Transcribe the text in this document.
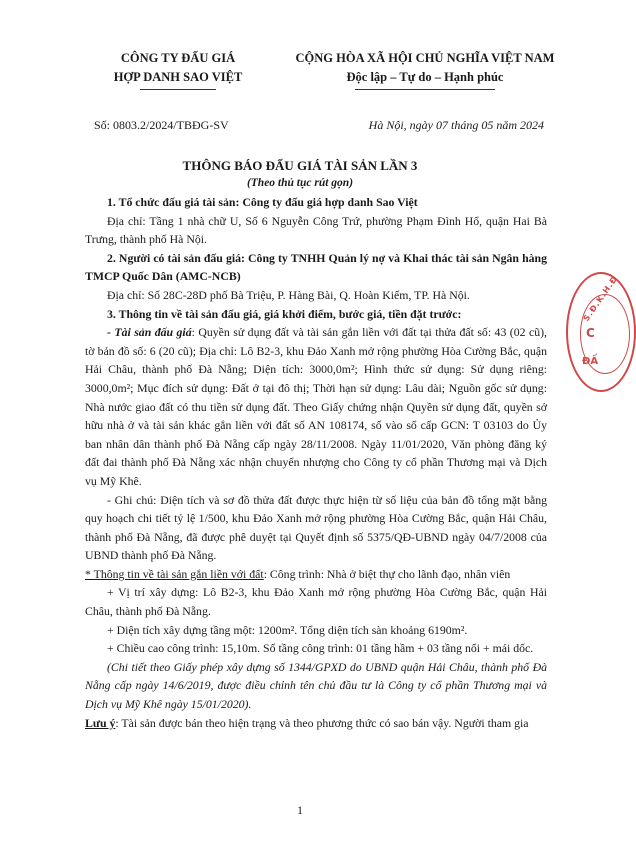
CÔNG TY ĐẤU GIÁ
HỢP DANH SAO VIỆT
CỘNG HÒA XÃ HỘI CHỦ NGHĨA VIỆT NAM
Độc lập – Tự do – Hạnh phúc
Số: 0803.2/2024/TBĐG-SV	Hà Nội, ngày 07 tháng 05 năm 2024
THÔNG BÁO ĐẤU GIÁ TÀI SẢN LẦN 3
(Theo thủ tục rút gọn)

1. Tổ chức đấu giá tài sản: Công ty đấu giá hợp danh Sao Việt

Địa chỉ: Tầng 1 nhà chữ U, Số 6 Nguyễn Công Trứ, phường Phạm Đình Hổ, quận Hai Bà Trưng, thành phố Hà Nội.

2. Người có tài sản đấu giá: Công ty TNHH Quản lý nợ và Khai thác tài sản Ngân hàng TMCP Quốc Dân (AMC-NCB)

Địa chỉ: Số 28C-28D phố Bà Triệu, P. Hàng Bài, Q. Hoàn Kiếm, TP. Hà Nội.

3. Thông tin về tài sản đấu giá, giá khởi điểm, bước giá, tiền đặt trước:

- Tài sản đấu giá: Quyền sử dụng đất và tài sản gắn liền với đất tại thửa đất số: 43 (02 cũ), tờ bản đồ số: 6 (20 cũ); Địa chỉ: Lô B2-3, khu Đảo Xanh mở rộng phường Hòa Cường Bắc, quận Hải Châu, thành phố Đà Nẵng; Diện tích: 3000,0m²; Hình thức sử dụng: Sử dụng riêng: 3000,0m²; Mục đích sử dụng: Đất ở tại đô thị; Thời hạn sử dụng: Lâu dài; Nguồn gốc sử dụng: Nhà nước giao đất có thu tiền sử dụng đất. Theo Giấy chứng nhận Quyền sử dụng đất, quyền sở hữu nhà ở và tài sản khác gắn liền với đất số AN 108174, số vào sổ cấp GCN: T 03103 do Ủy ban nhân dân thành phố Đà Nẵng cấp ngày 28/11/2008. Ngày 11/01/2020, Văn phòng đăng ký đất đai thành phố Đà Nẵng xác nhận chuyển nhượng cho Công ty cổ phần Thương mại và Dịch vụ Mỹ Khê.

- Ghi chú: Diện tích và sơ đồ thửa đất được thực hiện từ số liệu của bản đồ tổng mặt bằng quy hoạch chi tiết tỷ lệ 1/500, khu Đảo Xanh mở rộng phường Hòa Cường Bắc, quận Hải Châu, thành phố Đà Nẵng, đã được phê duyệt tại Quyết định số 5375/QĐ-UBND ngày 04/7/2008 của UBND thành phố Đà Nẵng.

* Thông tin về tài sản gắn liền với đất: Công trình: Nhà ở biệt thự cho lãnh đạo, nhân viên

+ Vị trí xây dựng: Lô B2-3, khu Đảo Xanh mở rộng phường Hòa Cường Bắc, quận Hải Châu, thành phố Đà Nẵng.

+ Diện tích xây dựng tầng một: 1200m². Tổng diện tích sàn khoảng 6190m².

+ Chiều cao công trình: 15,10m. Số tầng công trình: 01 tầng hầm + 03 tầng nổi + mái dốc.

(Chi tiết theo Giấy phép xây dựng số 1344/GPXD do UBND quận Hải Châu, thành phố Đà Nẵng cấp ngày 14/6/2019, được điều chỉnh tên chủ đầu tư là Công ty cổ phần Thương mại và Dịch vụ Mỹ Khê ngày 15/01/2020).

Lưu ý: Tài sản được bán theo hiện trạng và theo phương thức có sao bán vậy. Người tham gia

S.Đ.K.H.Đ
C
ĐẤ
1
